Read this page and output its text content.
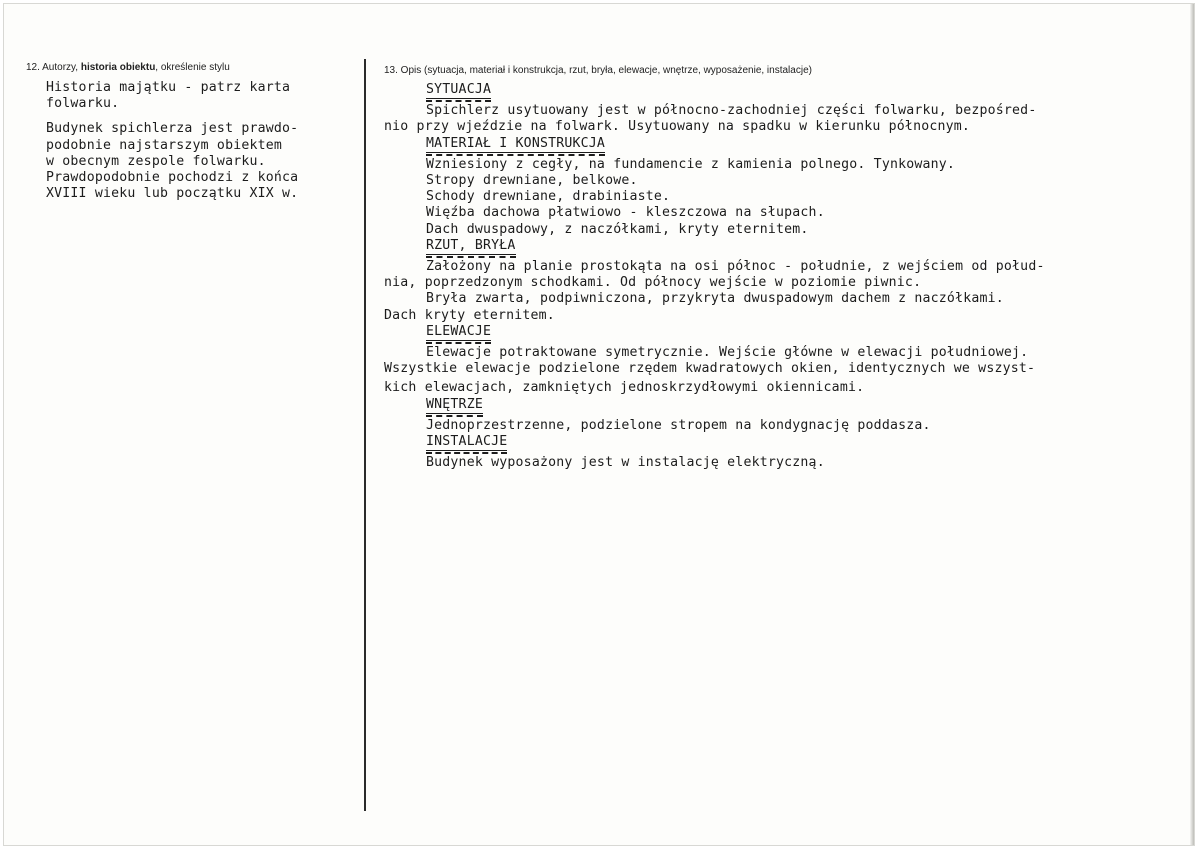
12. Autorzy, historia obiektu, określenie stylu	13. Opis (sytuacja, materiał i konstrukcja, rzut, bryła, elewacje, wnętrze, wyposażenie, instalacje)
Historia majątku - patrz karta
folwarku.
Budynek spichlerza jest prawdo-
podobnie najstarszym obiektem
w obecnym zespole folwarku.
Prawdopodobnie pochodzi z końca
XVIII wieku lub początku XIX w.
SYTUACJA
Spichlerz usytuowany jest w północno-zachodniej części folwarku, bezpośred-
nio przy wjeździe na folwark. Usytuowany na spadku w kierunku północnym.
MATERIAŁ I KONSTRUKCJA
Wzniesiony z cegły, na fundamencie z kamienia polnego. Tynkowany.
Stropy drewniane, belkowe.
Schody drewniane, drabiniaste.
Więźba dachowa płatwiowo - kleszczowa na słupach.
Dach dwuspadowy, z naczółkami, kryty eternitem.
RZUT, BRYŁA
Założony na planie prostokąta na osi północ - południe, z wejściem od połud-
nia, poprzedzonym schodkami. Od północy wejście w poziomie piwnic.
Bryła zwarta, podpiwniczona, przykryta dwuspadowym dachem z naczółkami.
Dach kryty eternitem.
ELEWACJE
Elewacje potraktowane symetrycznie. Wejście główne w elewacji południowej.
Wszystkie elewacje podzielone rzędem kwadratowych okien, identycznych we wszyst-
kich elewacjach, zamkniętych jednoskrzydłowymi okiennicami.
WNĘTRZE
Jednoprzestrzenne, podzielone stropem na kondygnację poddasza.
INSTALACJE
Budynek wyposażony jest w instalację elektryczną.
